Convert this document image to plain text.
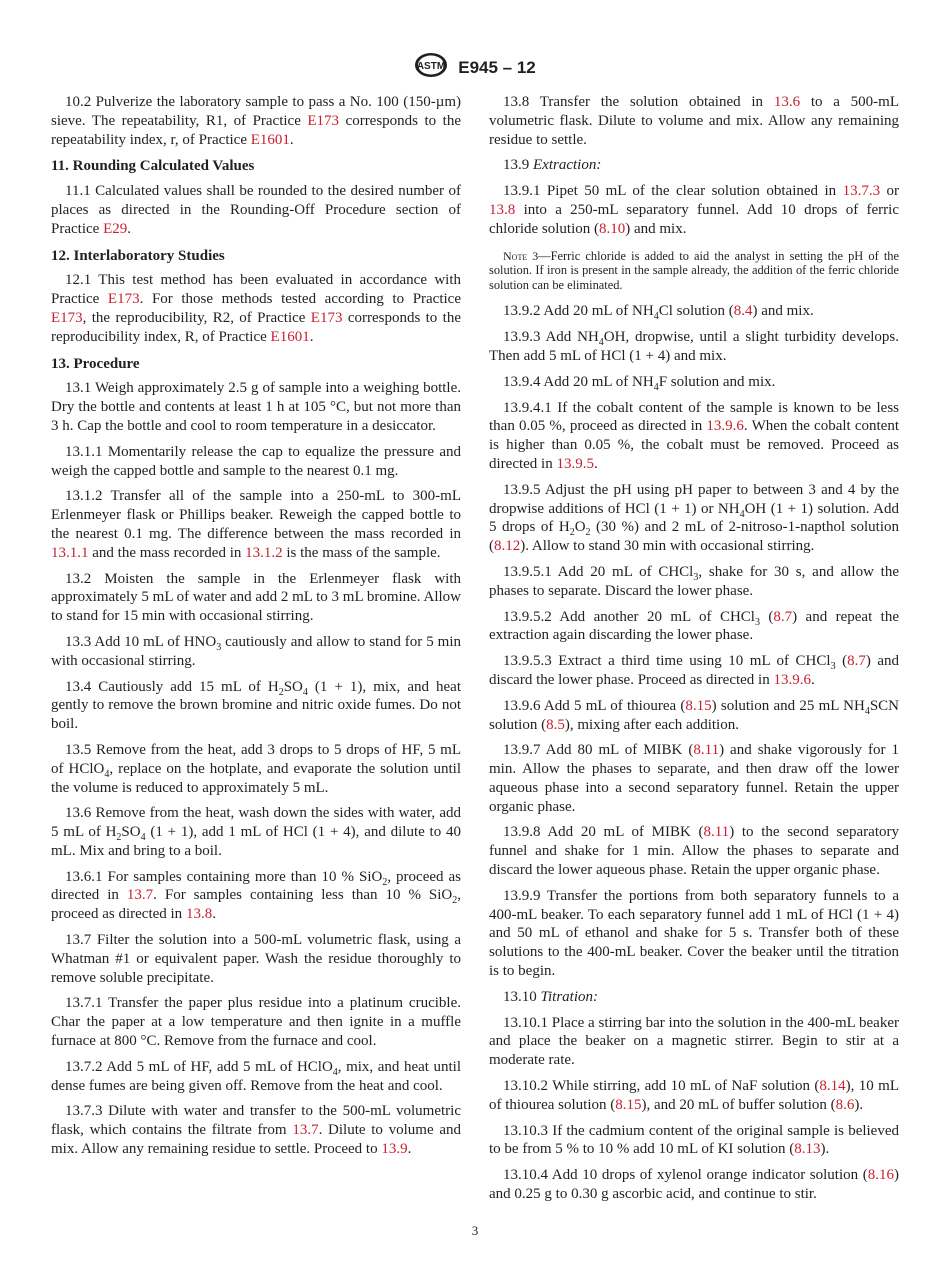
ASTM E945 – 12

10.2 Pulverize the laboratory sample to pass a No. 100 (150-µm) sieve. The repeatability, R1, of Practice E173 corresponds to the repeatability index, r, of Practice E1601.

11. Rounding Calculated Values

11.1 Calculated values shall be rounded to the desired number of places as directed in the Rounding-Off Procedure section of Practice E29.

12. Interlaboratory Studies

12.1 This test method has been evaluated in accordance with Practice E173. For those methods tested according to Practice E173, the reproducibility, R2, of Practice E173 corresponds to the reproducibility index, R, of Practice E1601.

13. Procedure

13.1 Weigh approximately 2.5 g of sample into a weighing bottle. Dry the bottle and contents at least 1 h at 105 °C, but not more than 3 h. Cap the bottle and cool to room temperature in a desiccator.

13.1.1 Momentarily release the cap to equalize the pressure and weigh the capped bottle and sample to the nearest 0.1 mg.

13.1.2 Transfer all of the sample into a 250-mL to 300-mL Erlenmeyer flask or Phillips beaker. Reweigh the capped bottle to the nearest 0.1 mg. The difference between the mass recorded in 13.1.1 and the mass recorded in 13.1.2 is the mass of the sample.

13.2 Moisten the sample in the Erlenmeyer flask with approximately 5 mL of water and add 2 mL to 3 mL bromine. Allow to stand for 15 min with occasional stirring.

13.3 Add 10 mL of $HNO_3$ cautiously and allow to stand for 5 min with occasional stirring.

13.4 Cautiously add 15 mL of $H_2SO_4$ (1 + 1), mix, and heat gently to remove the brown bromine and nitric oxide fumes. Do not boil.

13.5 Remove from the heat, add 3 drops to 5 drops of HF, 5 mL of HClO$_4$, replace on the hotplate, and evaporate the solution until the volume is reduced to approximately 5 mL.

13.6 Remove from the heat, wash down the sides with water, add 5 mL of $H_2SO_4$ (1 + 1), add 1 mL of HCl (1 + 4), and dilute to 40 mL. Mix and bring to a boil.

13.6.1 For samples containing more than 10 % SiO$_2$, proceed as directed in 13.7. For samples containing less than 10 % SiO$_2$, proceed as directed in 13.8.

13.7 Filter the solution into a 500-mL volumetric flask, using a Whatman #1 or equivalent paper. Wash the residue thoroughly to remove soluble precipitate.

13.7.1 Transfer the paper plus residue into a platinum crucible. Char the paper at a low temperature and then ignite in a muffle furnace at 800 °C. Remove from the furnace and cool.

13.7.2 Add 5 mL of HF, add 5 mL of HClO$_4$, mix, and heat until dense fumes are being given off. Remove from the heat and cool.

13.7.3 Dilute with water and transfer to the 500-mL volumetric flask, which contains the filtrate from 13.7. Dilute to volume and mix. Allow any remaining residue to settle. Proceed to 13.9.

13.8 Transfer the solution obtained in 13.6 to a 500-mL volumetric flask. Dilute to volume and mix. Allow any remaining residue to settle.

13.9 Extraction:

13.9.1 Pipet 50 mL of the clear solution obtained in 13.7.3 or 13.8 into a 250-mL separatory funnel. Add 10 drops of ferric chloride solution (8.10) and mix.

Note 3—Ferric chloride is added to aid the analyst in setting the pH of the solution. If iron is present in the sample already, the addition of the ferric chloride solution can be eliminated.

13.9.2 Add 20 mL of $NH_4Cl$ solution (8.4) and mix.

13.9.3 Add $NH_4OH$, dropwise, until a slight turbidity develops. Then add 5 mL of HCl (1 + 4) and mix.

13.9.4 Add 20 mL of $NH_4F$ solution and mix.

13.9.4.1 If the cobalt content of the sample is known to be less than 0.05 %, proceed as directed in 13.9.6. When the cobalt content is higher than 0.05 %, the cobalt must be removed. Proceed as directed in 13.9.5.

13.9.5 Adjust the pH using pH paper to between 3 and 4 by the dropwise additions of HCl (1 + 1) or $NH_4OH$ (1 + 1) solution. Add 5 drops of $H_2O_2$ (30 %) and 2 mL of 2-nitroso-1-napthol solution (8.12). Allow to stand 30 min with occasional stirring.

13.9.5.1 Add 20 mL of CHCl$_3$, shake for 30 s, and allow the phases to separate. Discard the lower phase.

13.9.5.2 Add another 20 mL of CHCl$_3$ (8.7) and repeat the extraction again discarding the lower phase.

13.9.5.3 Extract a third time using 10 mL of CHCl$_3$ (8.7) and discard the lower phase. Proceed as directed in 13.9.6.

13.9.6 Add 5 mL of thiourea (8.15) solution and 25 mL $NH_4SCN$ solution (8.5), mixing after each addition.

13.9.7 Add 80 mL of MIBK (8.11) and shake vigorously for 1 min. Allow the phases to separate, and then draw off the lower aqueous phase into a second separatory funnel. Retain the upper organic phase.

13.9.8 Add 20 mL of MIBK (8.11) to the second separatory funnel and shake for 1 min. Allow the phases to separate and discard the lower aqueous phase. Retain the upper organic phase.

13.9.9 Transfer the portions from both separatory funnels to a 400-mL beaker. To each separatory funnel add 1 mL of HCl (1 + 4) and 50 mL of ethanol and shake for 5 s. Transfer both of these solutions to the 400-mL beaker. Cover the beaker until the titration is to begin.

13.10 Titration:

13.10.1 Place a stirring bar into the solution in the 400-mL beaker and place the beaker on a magnetic stirrer. Begin to stir at a moderate rate.

13.10.2 While stirring, add 10 mL of NaF solution (8.14), 10 mL of thiourea solution (8.15), and 20 mL of buffer solution (8.6).

13.10.3 If the cadmium content of the original sample is believed to be from 5 % to 10 % add 10 mL of KI solution (8.13).

13.10.4 Add 10 drops of xylenol orange indicator solution (8.16) and 0.25 g to 0.30 g ascorbic acid, and continue to stir.

3
